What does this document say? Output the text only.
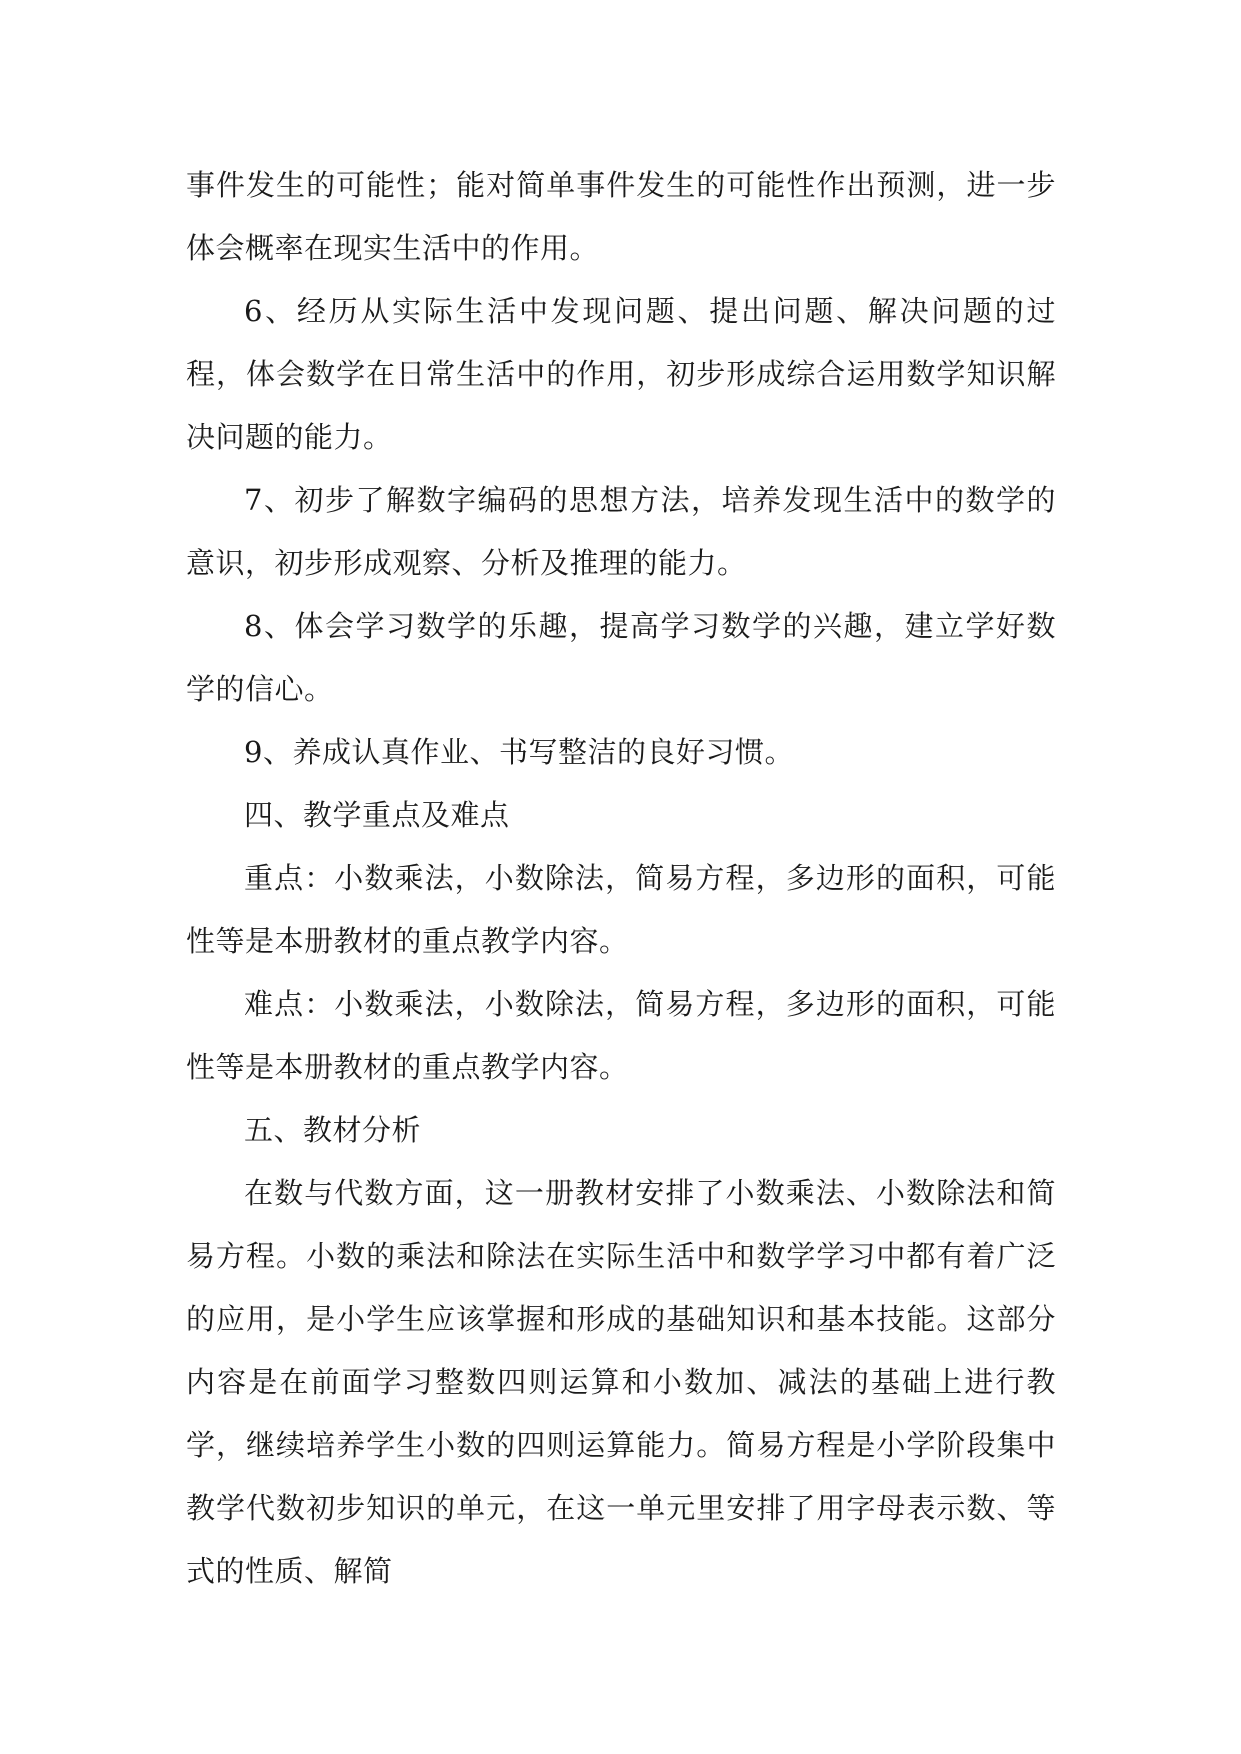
事件发生的可能性；能对简单事件发生的可能性作出预测，进一步体会概率在现实生活中的作用。

6、经历从实际生活中发现问题、提出问题、解决问题的过程，体会数学在日常生活中的作用，初步形成综合运用数学知识解决问题的能力。

7、初步了解数字编码的思想方法，培养发现生活中的数学的意识，初步形成观察、分析及推理的能力。

8、体会学习数学的乐趣，提高学习数学的兴趣，建立学好数学的信心。

9、养成认真作业、书写整洁的良好习惯。

四、教学重点及难点

重点：小数乘法，小数除法，简易方程，多边形的面积，可能性等是本册教材的重点教学内容。

难点：小数乘法，小数除法，简易方程，多边形的面积，可能性等是本册教材的重点教学内容。

五、教材分析

在数与代数方面，这一册教材安排了小数乘法、小数除法和简易方程。小数的乘法和除法在实际生活中和数学学习中都有着广泛的应用，是小学生应该掌握和形成的基础知识和基本技能。这部分内容是在前面学习整数四则运算和小数加、减法的基础上进行教学，继续培养学生小数的四则运算能力。简易方程是小学阶段集中教学代数初步知识的单元，在这一单元里安排了用字母表示数、等式的性质、解简
